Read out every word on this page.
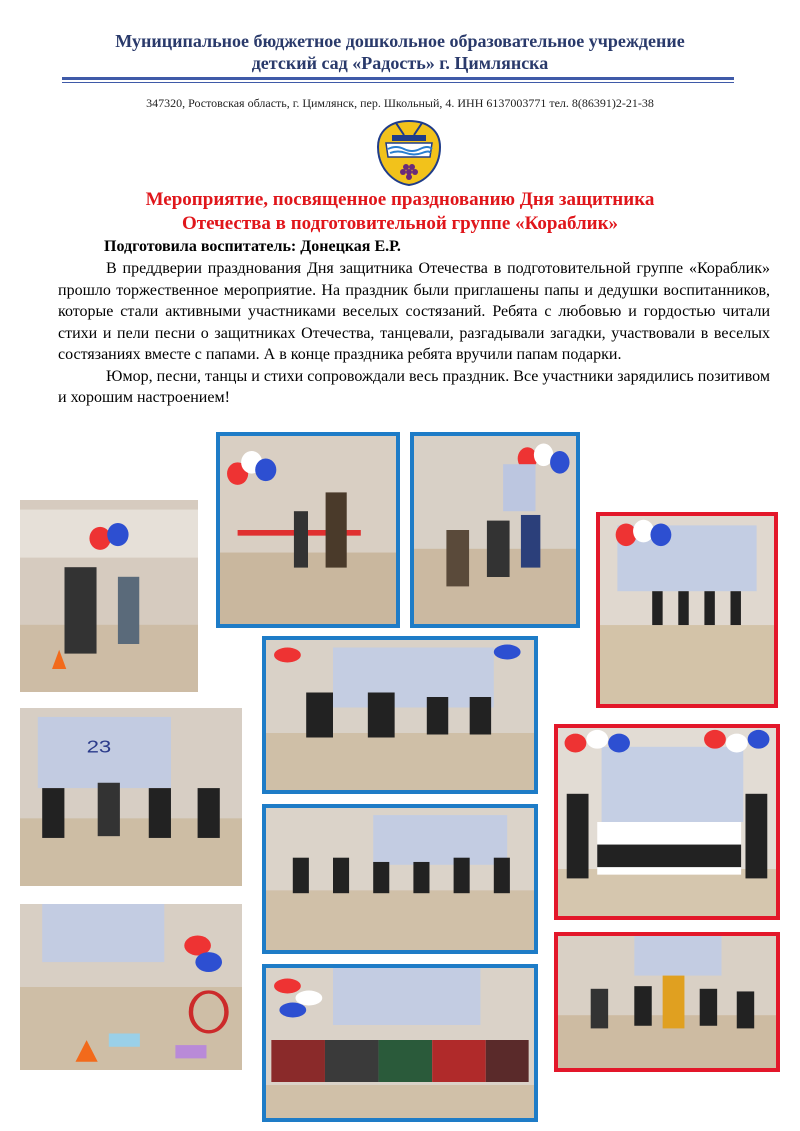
Муниципальное бюджетное дошкольное образовательное учреждение
детский сад «Радость» г. Цимлянска
347320, Ростовская область, г. Цимлянск, пер. Школьный, 4. ИНН 6137003771 тел. 8(86391)2-21-38
Мероприятие, посвященное празднованию Дня защитника
Отечества в подготовительной группе «Кораблик»
Подготовила воспитатель: Донецкая Е.Р.

В преддверии празднования Дня защитника Отечества в подготовительной группе «Кораблик» прошло торжественное мероприятие. На праздник были приглашены папы и дедушки воспитанников, которые стали активными участниками веселых состязаний. Ребята с любовью и гордостью читали стихи и пели песни о защитниках Отечества, танцевали, разгадывали загадки, участвовали в веселых состязаниях вместе с папами. А в конце праздника ребята вручили папам подарки.

Юмор, песни, танцы и стихи сопровождали весь праздник. Все участники зарядились позитивом и хорошим настроением!

23
